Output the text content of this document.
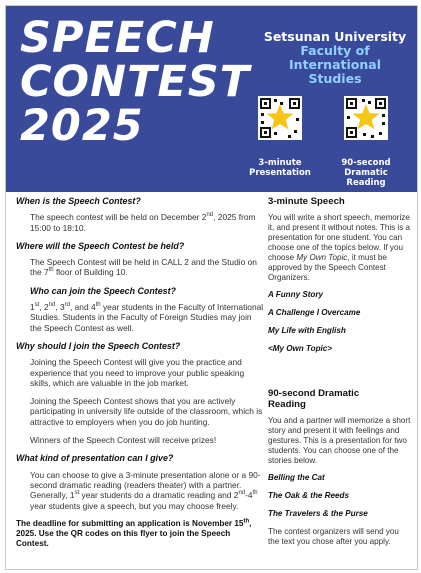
SPEECH
CONTEST
2025
Setsunan University
Faculty of International
Studies
3-minute
Presentation
90-second
Dramatic
Reading
When is the Speech Contest?
The speech contest will be held on December 2nd, 2025 from 15:00 to 18:10.
Where will the Speech Contest be held?
The Speech Contest will be held in CALL 2 and the Studio on the 7th floor of Building 10.
Who can join the Speech Contest?
1st, 2nd, 3rd, and 4th year students in the Faculty of International Studies. Students in the Faculty of Foreign Studies may join the Speech Contest as well.
Why should I join the Speech Contest?
Joining the Speech Contest will give you the practice and experience that you need to improve your public speaking skills, which are valuable in the job market.
Joining the Speech Contest shows that you are actively participating in university life outside of the classroom, which is attractive to employers when you do job hunting.
Winners of the Speech Contest will receive prizes!
What kind of presentation can I give?
You can choose to give a 3-minute presentation alone or a 90-second dramatic reading (readers theater) with a partner. Generally, 1st year students do a dramatic reading and 2nd-4th year students give a speech, but you may choose freely.
The deadline for submitting an application is November 15th, 2025. Use the QR codes on this flyer to join the Speech Contest.
3-minute Speech
You will write a short speech, memorize it, and present it without notes. This is a presentation for one student. You can choose one of the topics below. If you choose My Own Topic, it must be approved by the Speech Contest Organizers.
A Funny Story
A Challenge I Overcame
My Life with English
<My Own Topic>
90-second Dramatic
Reading
You and a partner will memorize a short story and present it with feelings and gestures. This is a presentation for two students. You can choose one of the stories below.
Belling the Cat
The Oak & the Reeds
The Travelers & the Purse
The contest organizers will send you the text you chose after you apply.
